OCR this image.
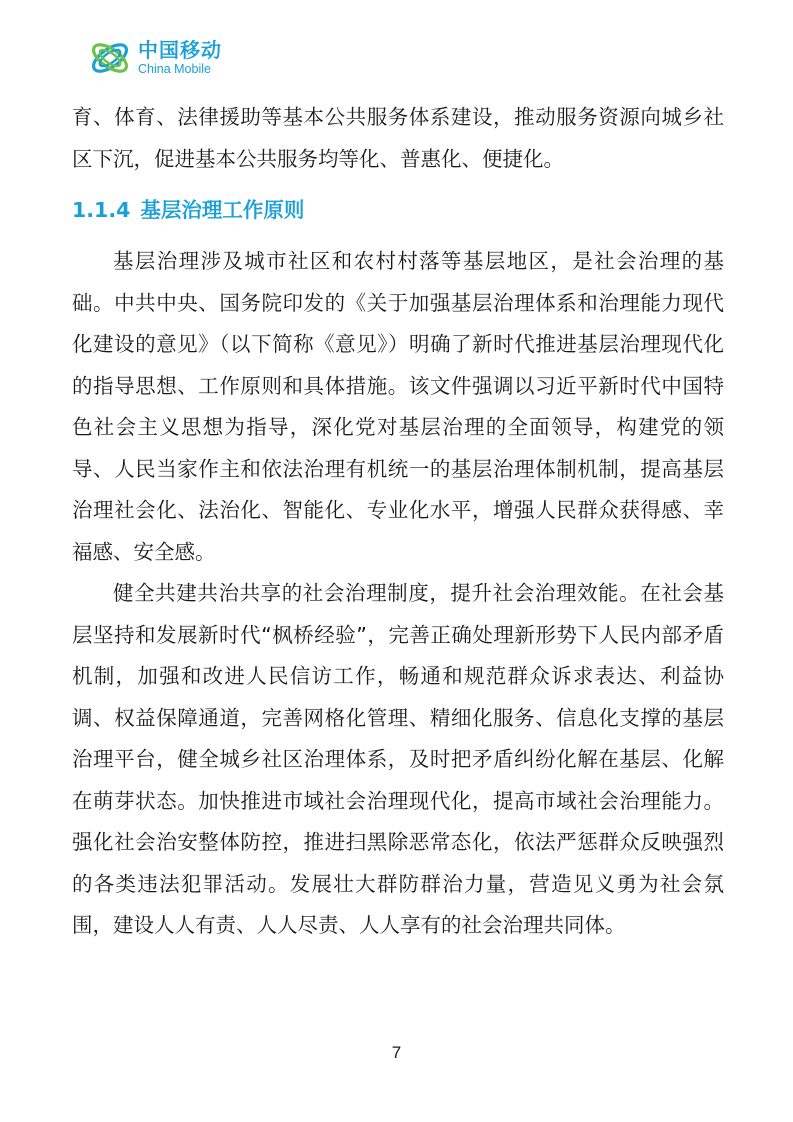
中国移动
China Mobile

育、体育、法律援助等基本公共服务体系建设，推动服务资源向城乡社区下沉，促进基本公共服务均等化、普惠化、便捷化。

1.1.4 基层治理工作原则

基层治理涉及城市社区和农村村落等基层地区，是社会治理的基础。中共中央、国务院印发的《关于加强基层治理体系和治理能力现代化建设的意见》（以下简称《意见》）明确了新时代推进基层治理现代化的指导思想、工作原则和具体措施。该文件强调以习近平新时代中国特色社会主义思想为指导，深化党对基层治理的全面领导，构建党的领导、人民当家作主和依法治理有机统一的基层治理体制机制，提高基层治理社会化、法治化、智能化、专业化水平，增强人民群众获得感、幸福感、安全感。

健全共建共治共享的社会治理制度，提升社会治理效能。在社会基层坚持和发展新时代“枫桥经验”，完善正确处理新形势下人民内部矛盾机制，加强和改进人民信访工作，畅通和规范群众诉求表达、利益协调、权益保障通道，完善网格化管理、精细化服务、信息化支撑的基层治理平台，健全城乡社区治理体系，及时把矛盾纠纷化解在基层、化解在萌芽状态。加快推进市域社会治理现代化，提高市域社会治理能力。强化社会治安整体防控，推进扫黑除恶常态化，依法严惩群众反映强烈的各类违法犯罪活动。发展壮大群防群治力量，营造见义勇为社会氛围，建设人人有责、人人尽责、人人享有的社会治理共同体。

7
